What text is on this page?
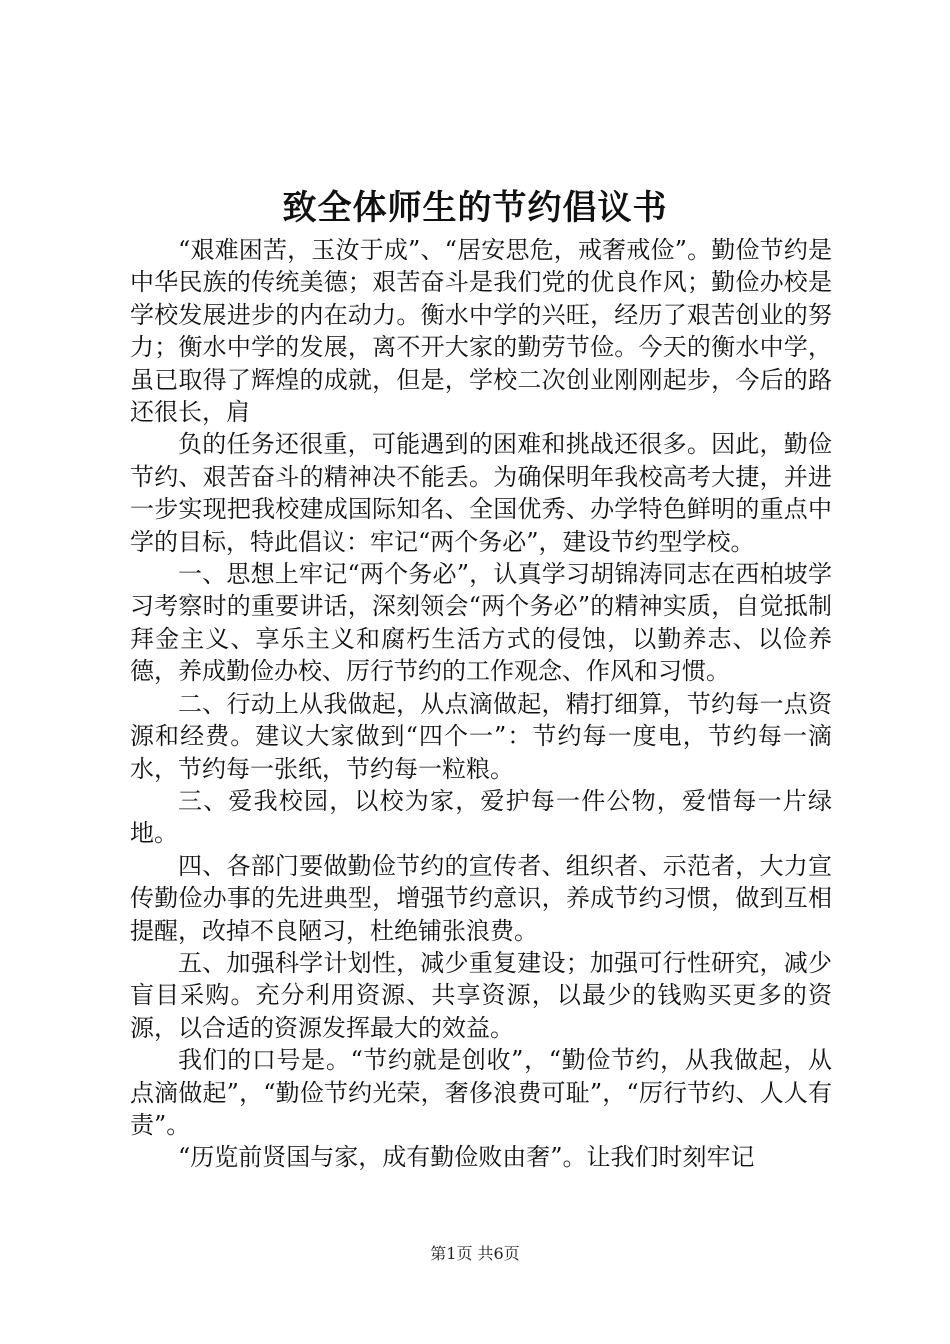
致全体师生的节约倡议书

“艰难困苦，玉汝于成”、“居安思危，戒奢戒俭”。勤俭节约是中华民族的传统美德；艰苦奋斗是我们党的优良作风；勤俭办校是学校发展进步的内在动力。衡水中学的兴旺，经历了艰苦创业的努力；衡水中学的发展，离不开大家的勤劳节俭。今天的衡水中学，虽已取得了辉煌的成就，但是，学校二次创业刚刚起步，今后的路还很长，肩

负的任务还很重，可能遇到的困难和挑战还很多。因此，勤俭节约、艰苦奋斗的精神决不能丢。为确保明年我校高考大捷，并进一步实现把我校建成国际知名、全国优秀、办学特色鲜明的重点中学的目标，特此倡议：牢记“两个务必”，建设节约型学校。

一、思想上牢记“两个务必”，认真学习胡锦涛同志在西柏坡学习考察时的重要讲话，深刻领会“两个务必”的精神实质，自觉抵制拜金主义、享乐主义和腐朽生活方式的侵蚀，以勤养志、以俭养德，养成勤俭办校、厉行节约的工作观念、作风和习惯。

二、行动上从我做起，从点滴做起，精打细算，节约每一点资源和经费。建议大家做到“四个一”：节约每一度电，节约每一滴水，节约每一张纸，节约每一粒粮。

三、爱我校园，以校为家，爱护每一件公物，爱惜每一片绿地。

四、各部门要做勤俭节约的宣传者、组织者、示范者，大力宣传勤俭办事的先进典型，增强节约意识，养成节约习惯，做到互相提醒，改掉不良陋习，杜绝铺张浪费。

五、加强科学计划性，减少重复建设；加强可行性研究，减少盲目采购。充分利用资源、共享资源，以最少的钱购买更多的资源，以合适的资源发挥最大的效益。

我们的口号是。“节约就是创收”，“勤俭节约，从我做起，从点滴做起”，“勤俭节约光荣，奢侈浪费可耻”，“厉行节约、人人有责”。

“历览前贤国与家，成有勤俭败由奢”。让我们时刻牢记

第1页 共6页
